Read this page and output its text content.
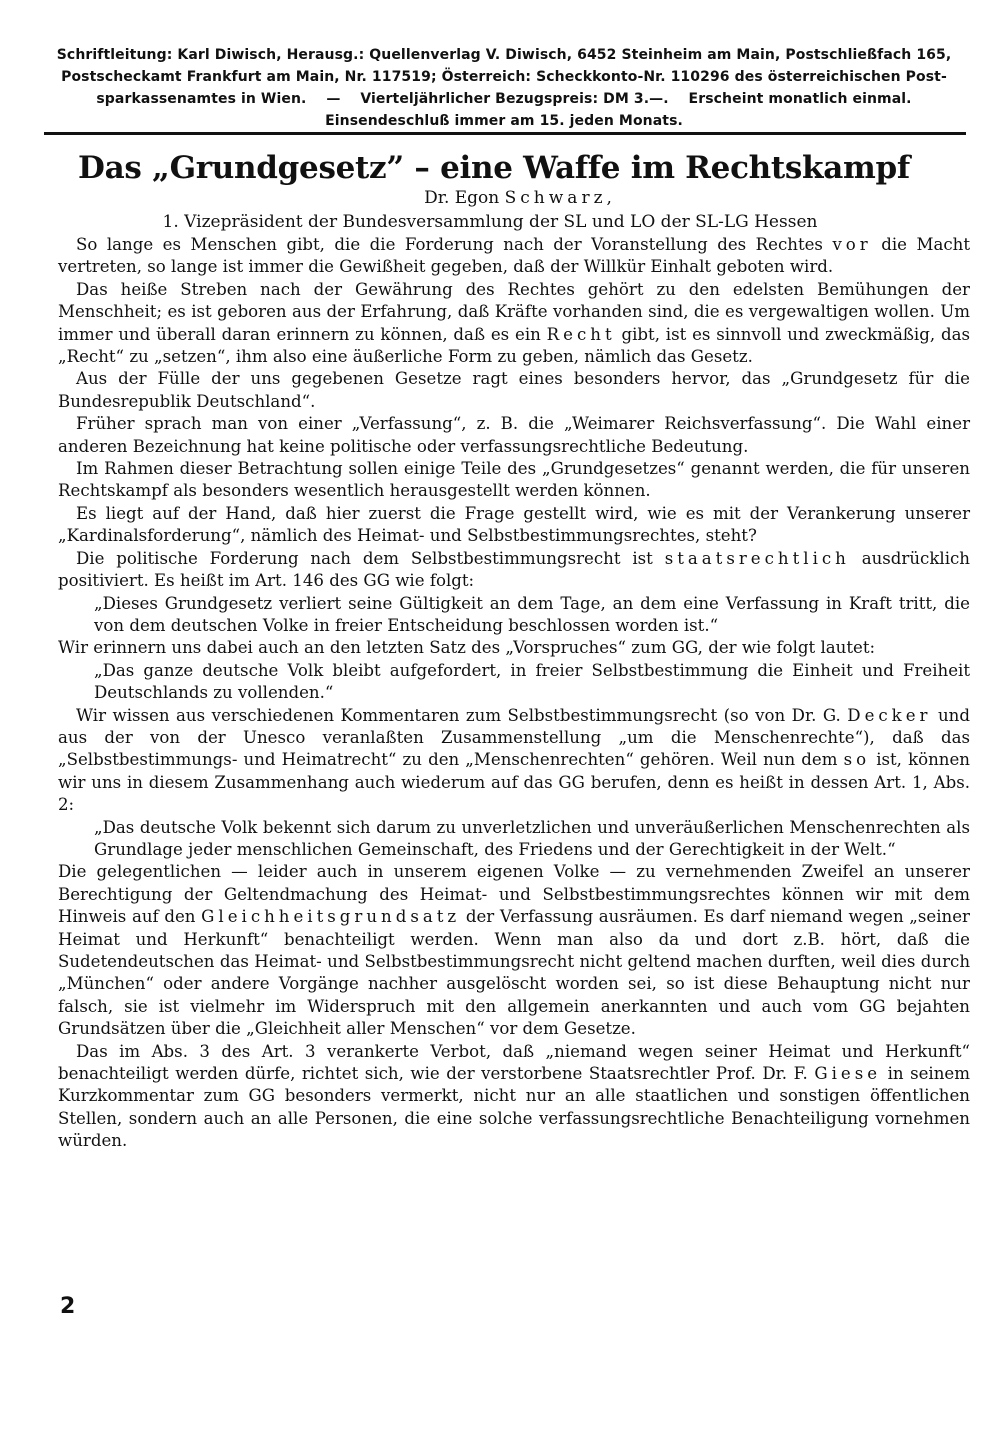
Schriftleitung: Karl Diwisch, Herausg.: Quellenverlag V. Diwisch, 6452 Steinheim am Main, Postschließfach 165,
Postscheckamt Frankfurt am Main, Nr. 117519; Österreich: Scheckkonto-Nr. 110296 des österreichischen Post-
sparkassenamtes in Wien.    —    Vierteljährlicher Bezugspreis: DM 3.—.    Erscheint monatlich einmal.
Einsendeschluß immer am 15. jeden Monats.
Das „Grundgesetz” – eine Waffe im Rechtskampf
Dr. Egon Schwarz,
1. Vizepräsident der Bundesversammlung der SL und LO der SL-LG Hessen

So lange es Menschen gibt, die die Forderung nach der Voranstellung des Rechtes vor die Macht vertreten, so lange ist immer die Gewißheit gegeben, daß der Willkür Einhalt geboten wird.

Das heiße Streben nach der Gewährung des Rechtes gehört zu den edelsten Bemühungen der Menschheit; es ist geboren aus der Erfahrung, daß Kräfte vorhanden sind, die es vergewaltigen wollen. Um immer und überall daran erinnern zu können, daß es ein Recht gibt, ist es sinnvoll und zweckmäßig, das „Recht“ zu „setzen“, ihm also eine äußerliche Form zu geben, nämlich das Gesetz.

Aus der Fülle der uns gegebenen Gesetze ragt eines besonders hervor, das „Grundgesetz für die Bundesrepublik Deutschland“.

Früher sprach man von einer „Verfassung“, z. B. die „Weimarer Reichsverfassung“. Die Wahl einer anderen Bezeichnung hat keine politische oder verfassungsrechtliche Bedeutung.

Im Rahmen dieser Betrachtung sollen einige Teile des „Grundgesetzes“ genannt werden, die für unseren Rechtskampf als besonders wesentlich herausgestellt werden können.

Es liegt auf der Hand, daß hier zuerst die Frage gestellt wird, wie es mit der Verankerung unserer „Kardinalsforderung“, nämlich des Heimat- und Selbstbestimmungsrechtes, steht?

Die politische Forderung nach dem Selbstbestimmungsrecht ist staatsrechtlich ausdrücklich positiviert. Es heißt im Art. 146 des GG wie folgt:

„Dieses Grundgesetz verliert seine Gültigkeit an dem Tage, an dem eine Verfassung in Kraft tritt, die von dem deutschen Volke in freier Entscheidung beschlossen worden ist.“

Wir erinnern uns dabei auch an den letzten Satz des „Vorspruches“ zum GG, der wie folgt lautet:

„Das ganze deutsche Volk bleibt aufgefordert, in freier Selbstbestimmung die Einheit und Freiheit Deutschlands zu vollenden.“

Wir wissen aus verschiedenen Kommentaren zum Selbstbestimmungsrecht (so von Dr. G. Decker und aus der von der Unesco veranlaßten Zusammenstellung „um die Menschenrechte“), daß das „Selbstbestimmungs- und Heimatrecht“ zu den „Menschenrechten“ gehören. Weil nun dem so ist, können wir uns in diesem Zusammenhang auch wiederum auf das GG berufen, denn es heißt in dessen Art. 1, Abs. 2:

„Das deutsche Volk bekennt sich darum zu unverletzlichen und unveräußerlichen Menschenrechten als Grundlage jeder menschlichen Gemeinschaft, des Friedens und der Gerechtigkeit in der Welt.“

Die gelegentlichen — leider auch in unserem eigenen Volke — zu vernehmenden Zweifel an unserer Berechtigung der Geltendmachung des Heimat- und Selbstbestimmungsrechtes können wir mit dem Hinweis auf den Gleichheitsgrundsatz der Verfassung ausräumen. Es darf niemand wegen „seiner Heimat und Herkunft“ benachteiligt werden. Wenn man also da und dort z.B. hört, daß die Sudetendeutschen das Heimat- und Selbstbestimmungsrecht nicht geltend machen durften, weil dies durch „München“ oder andere Vorgänge nachher ausgelöscht worden sei, so ist diese Behauptung nicht nur falsch, sie ist vielmehr im Widerspruch mit den allgemein anerkannten und auch vom GG bejahten Grundsätzen über die „Gleichheit aller Menschen“ vor dem Gesetze.

Das im Abs. 3 des Art. 3 verankerte Verbot, daß „niemand wegen seiner Heimat und Herkunft“ benachteiligt werden dürfe, richtet sich, wie der verstorbene Staatsrechtler Prof. Dr. F. Giese in seinem Kurzkommentar zum GG besonders vermerkt, nicht nur an alle staatlichen und sonstigen öffentlichen Stellen, sondern auch an alle Personen, die eine solche verfassungsrechtliche Benachteiligung vornehmen würden.

2
